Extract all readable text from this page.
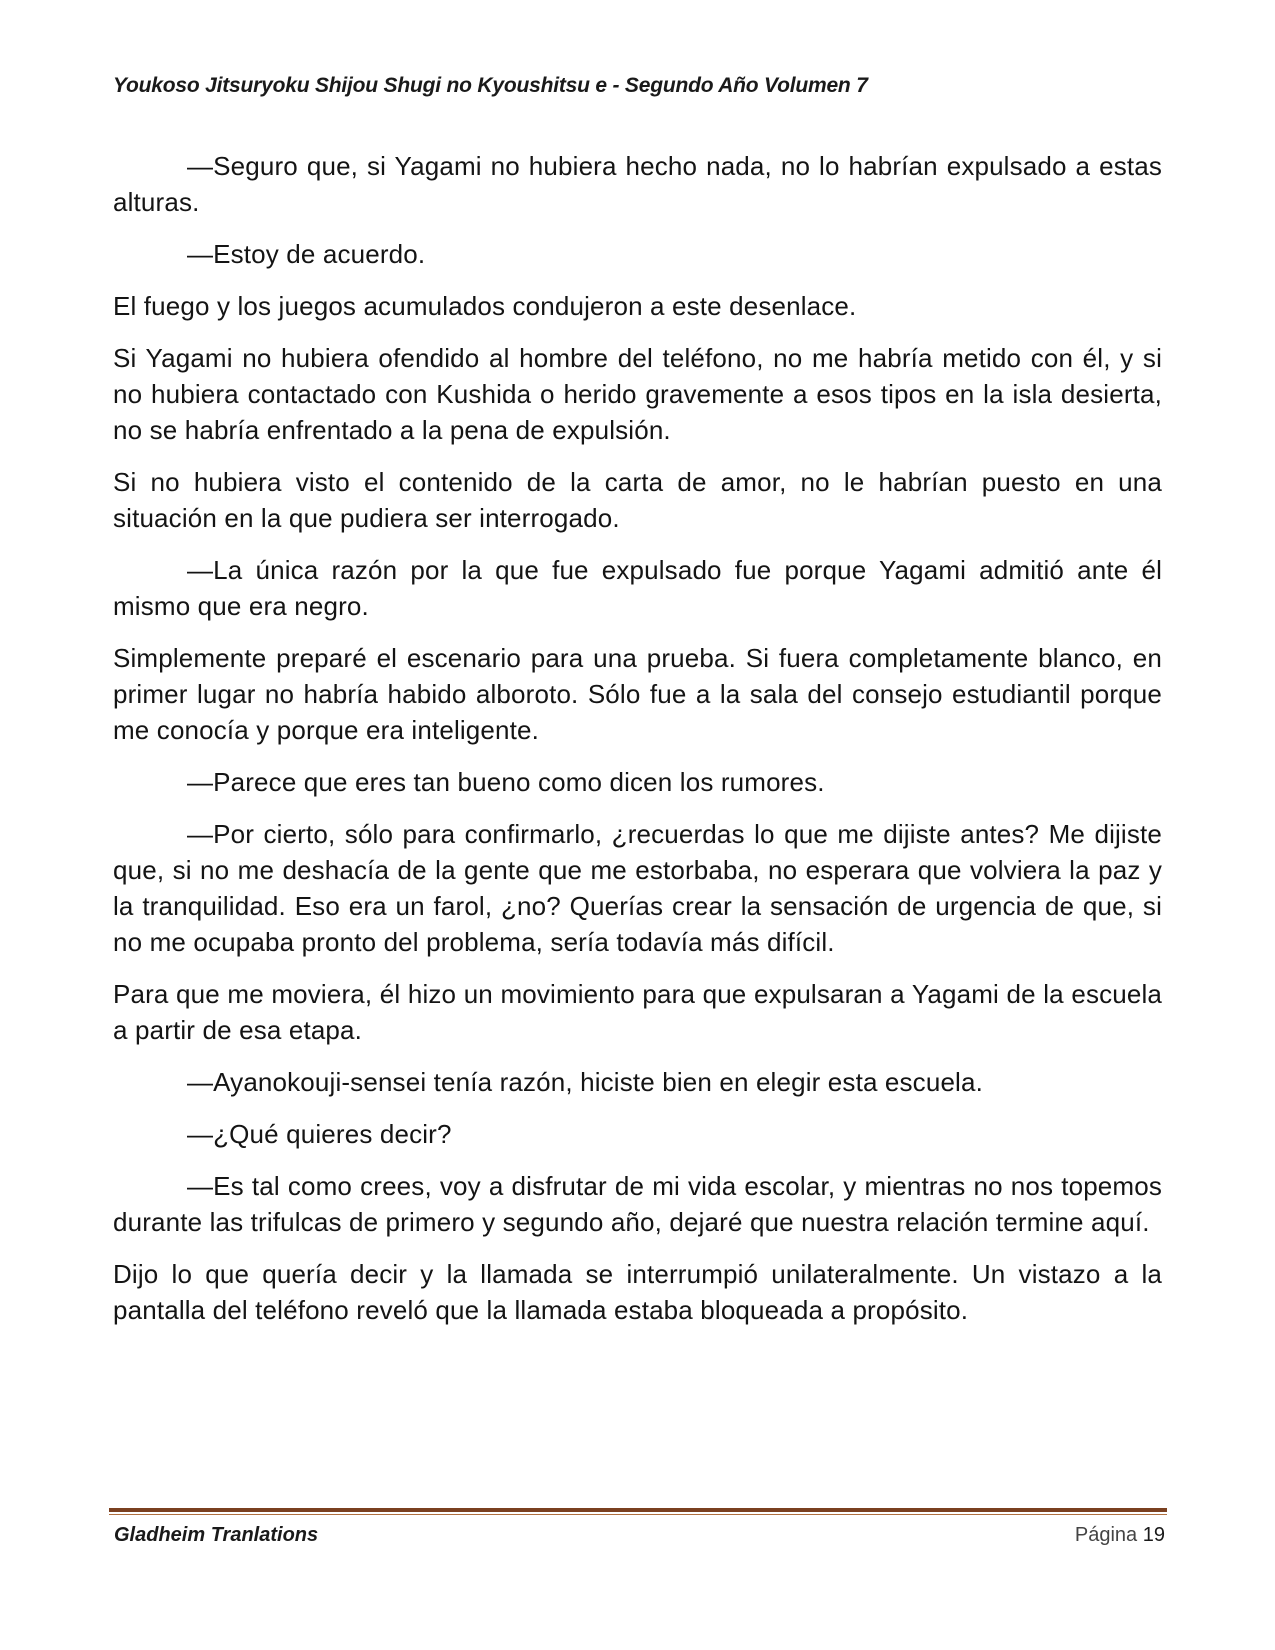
Youkoso Jitsuryoku Shijou Shugi no Kyoushitsu e - Segundo Año Volumen 7

—Seguro que, si Yagami no hubiera hecho nada, no lo habrían expulsado a estas alturas.

—Estoy de acuerdo.

El fuego y los juegos acumulados condujeron a este desenlace.

Si Yagami no hubiera ofendido al hombre del teléfono, no me habría metido con él, y si no hubiera contactado con Kushida o herido gravemente a esos tipos en la isla desierta, no se habría enfrentado a la pena de expulsión.

Si no hubiera visto el contenido de la carta de amor, no le habrían puesto en una situación en la que pudiera ser interrogado.

—La única razón por la que fue expulsado fue porque Yagami admitió ante él mismo que era negro.

Simplemente preparé el escenario para una prueba. Si fuera completamente blanco, en primer lugar no habría habido alboroto. Sólo fue a la sala del consejo estudiantil porque me conocía y porque era inteligente.

—Parece que eres tan bueno como dicen los rumores.

—Por cierto, sólo para confirmarlo, ¿recuerdas lo que me dijiste antes? Me dijiste que, si no me deshacía de la gente que me estorbaba, no esperara que volviera la paz y la tranquilidad. Eso era un farol, ¿no? Querías crear la sensación de urgencia de que, si no me ocupaba pronto del problema, sería todavía más difícil.

Para que me moviera, él hizo un movimiento para que expulsaran a Yagami de la escuela a partir de esa etapa.

—Ayanokouji-sensei tenía razón, hiciste bien en elegir esta escuela.

—¿Qué quieres decir?

—Es tal como crees, voy a disfrutar de mi vida escolar, y mientras no nos topemos durante las trifulcas de primero y segundo año, dejaré que nuestra relación termine aquí.

Dijo lo que quería decir y la llamada se interrumpió unilateralmente. Un vistazo a la pantalla del teléfono reveló que la llamada estaba bloqueada a propósito.

Gladheim Tranlations	Página 19
